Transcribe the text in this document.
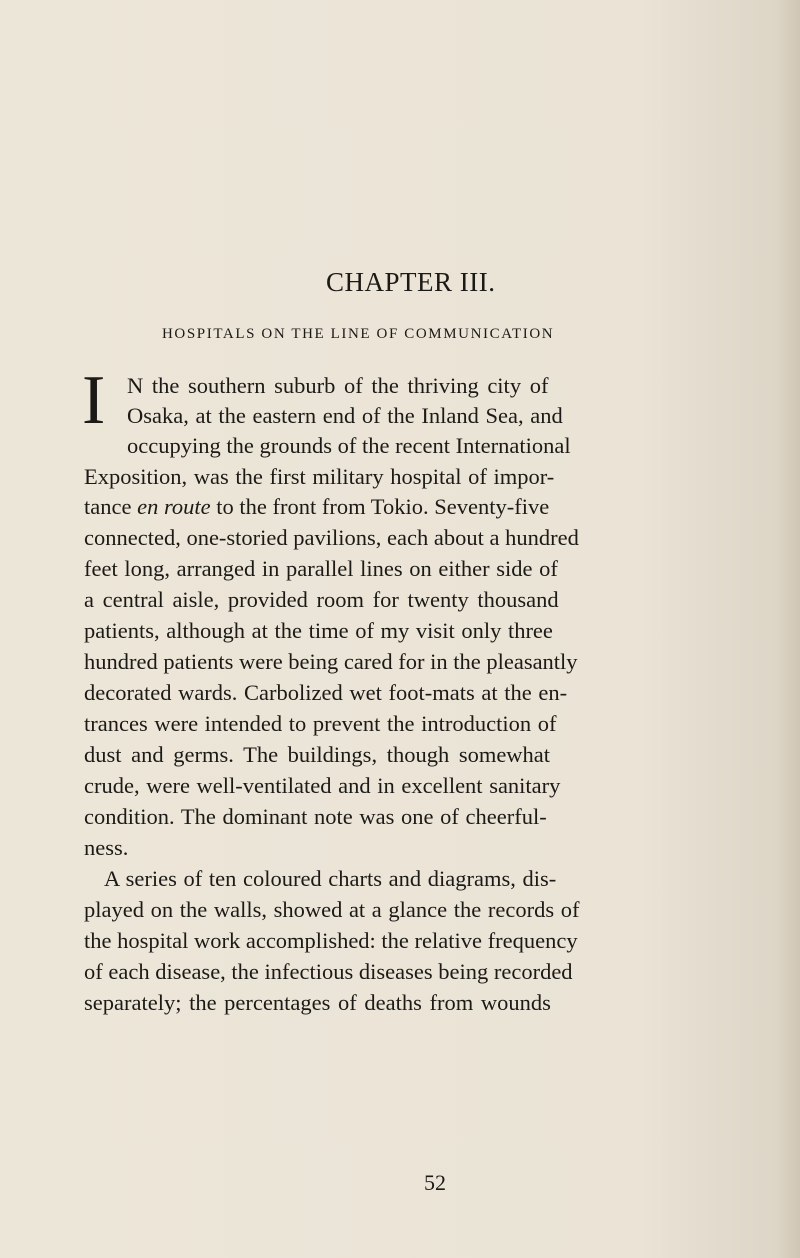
CHAPTER III.
HOSPITALS ON THE LINE OF COMMUNICATION
I N the southern suburb of the thriving city of
Osaka, at the eastern end of the Inland Sea, and
occupying the grounds of the recent International
Exposition, was the first military hospital of impor-
tance en route to the front from Tokio. Seventy-five
connected, one-storied pavilions, each about a hundred
feet long, arranged in parallel lines on either side of
a central aisle, provided room for twenty thousand
patients, although at the time of my visit only three
hundred patients were being cared for in the pleasantly
decorated wards. Carbolized wet foot-mats at the en-
trances were intended to prevent the introduction of
dust and germs. The buildings, though somewhat
crude, were well-ventilated and in excellent sanitary
condition. The dominant note was one of cheerful-
ness.
A series of ten coloured charts and diagrams, dis-
played on the walls, showed at a glance the records of
the hospital work accomplished: the relative frequency
of each disease, the infectious diseases being recorded
separately; the percentages of deaths from wounds
52
